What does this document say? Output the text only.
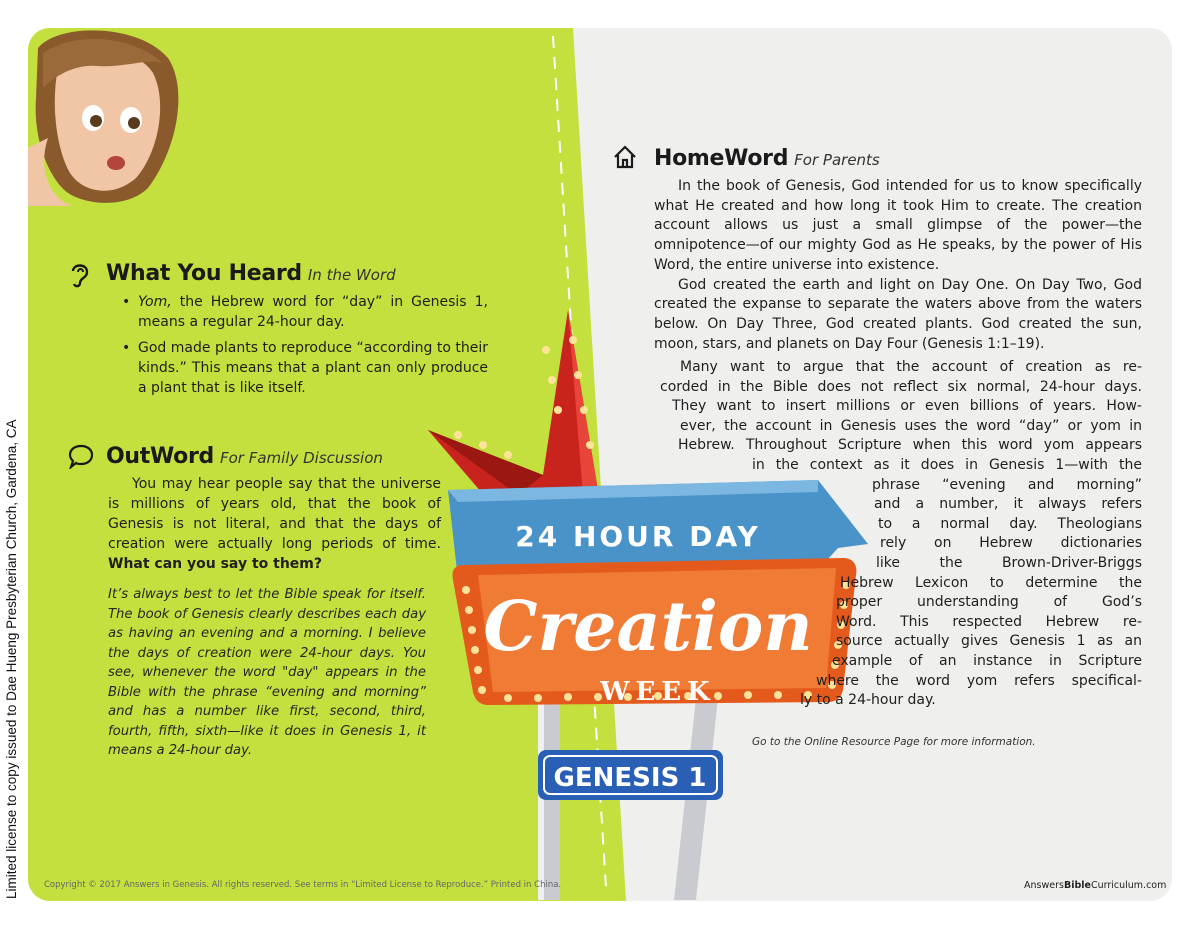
24 HOUR DAY
Creation
WEEK
GENESIS 1
What You Heard In the Word
OutWord For Family Discussion
HomeWord For Parents
• Yom, the Hebrew word for “day” in Genesis 1, means a regular 24-hour day.
• God made plants to reproduce “according to their kinds.” This means that a plant can only produce a plant that is like itself.

You may hear people say that the universe is millions of years old, that the book of Genesis is not literal, and that the days of creation were actually long periods of time. What can you say to them?

It’s always best to let the Bible speak for itself. The book of Genesis clearly describes each day as having an evening and a morning. I believe the days of creation were 24-hour days. You see, whenever the word "day" appears in the Bible with the phrase “evening and morning” and has a number like first, second, third, fourth, fifth, sixth—like it does in Genesis 1, it means a 24-hour day.

In the book of Genesis, God intended for us to know specifically what He created and how long it took Him to create. The creation account allows us just a small glimpse of the power—the omnipotence—of our mighty God as He speaks, by the power of His Word, the entire universe into existence.

God created the earth and light on Day One. On Day Two, God created the expanse to separate the waters above from the waters below. On Day Three, God created plants. God created the sun, moon, stars, and planets on Day Four (Genesis 1:1–19).

Many want to argue that the account of creation as re-
corded in the Bible does not reflect six normal, 24-hour days.
They want to insert millions or even billions of years. How-
ever, the account in Genesis uses the word “day” or yom in
Hebrew. Throughout Scripture when this word yom appears
in the context as it does in Genesis 1—with the
phrase “evening and morning”
and a number, it always refers
to a normal day. Theologians
rely on Hebrew dictionaries
like the Brown-Driver-Briggs
Hebrew Lexicon to determine the
proper understanding of God’s
Word. This respected Hebrew re-
source actually gives Genesis 1 as an
example of an instance in Scripture
where the word yom refers specifical-
ly to a 24-hour day.
Go to the Online Resource Page for more information.
Limited license to copy issued to Dae Hueng Presbyterian Church, Gardena, CA	Copyright © 2017 Answers in Genesis. All rights reserved. See terms in “Limited License to Reproduce.” Printed in China.	AnswersBibleCurriculum.com
